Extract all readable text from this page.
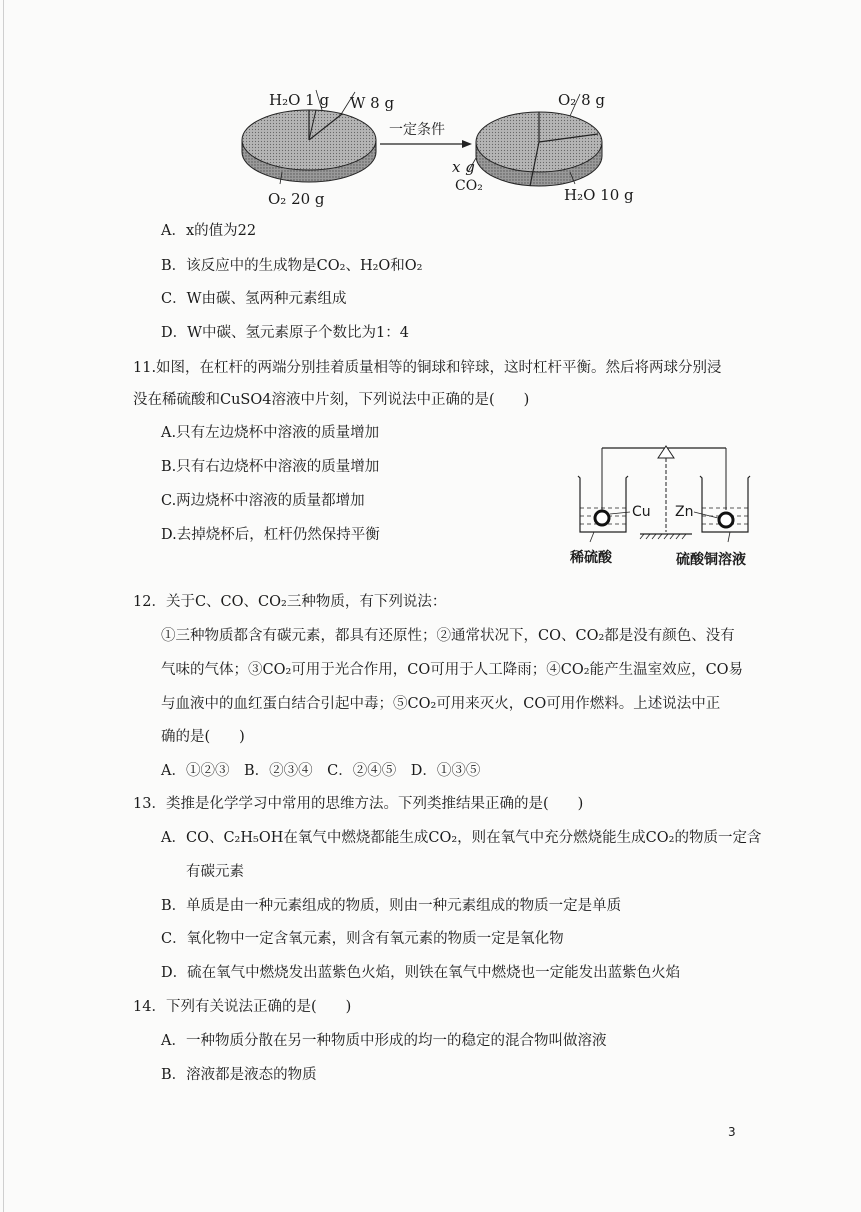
H₂O 1 g W 8 g
O₂ 20 g
一定条件
O₂ 8 g
x g
CO₂	H₂O 10 g
A．x的值为22
B．该反应中的生成物是CO₂、H₂O和O₂
C．W由碳、氢两种元素组成
D．W中碳、氢元素原子个数比为1：4
11.如图，在杠杆的两端分别挂着质量相等的铜球和锌球，这时杠杆平衡。然后将两球分别浸
没在稀硫酸和CuSO4溶液中片刻，下列说法中正确的是(　　)
A.只有左边烧杯中溶液的质量增加
B.只有右边烧杯中溶液的质量增加
C.两边烧杯中溶液的质量都增加
D.去掉烧杯后，杠杆仍然保持平衡
Cu Zn
稀硫酸	硫酸铜溶液
12．关于C、CO、CO₂三种物质，有下列说法：
①三种物质都含有碳元素，都具有还原性；②通常状况下，CO、CO₂都是没有颜色、没有
气味的气体；③CO₂可用于光合作用，CO可用于人工降雨；④CO₂能产生温室效应，CO易
与血液中的血红蛋白结合引起中毒；⑤CO₂可用来灭火，CO可用作燃料。上述说法中正
确的是(　　)
A．①②③　B．②③④　C．②④⑤　D．①③⑤
13．类推是化学学习中常用的思维方法。下列类推结果正确的是(　　)
A．CO、C₂H₅OH在氧气中燃烧都能生成CO₂，则在氧气中充分燃烧能生成CO₂的物质一定含
有碳元素
B．单质是由一种元素组成的物质，则由一种元素组成的物质一定是单质
C．氧化物中一定含氧元素，则含有氧元素的物质一定是氧化物
D．硫在氧气中燃烧发出蓝紫色火焰，则铁在氧气中燃烧也一定能发出蓝紫色火焰
14．下列有关说法正确的是(　　)
A．一种物质分散在另一种物质中形成的均一的稳定的混合物叫做溶液
B．溶液都是液态的物质
3
